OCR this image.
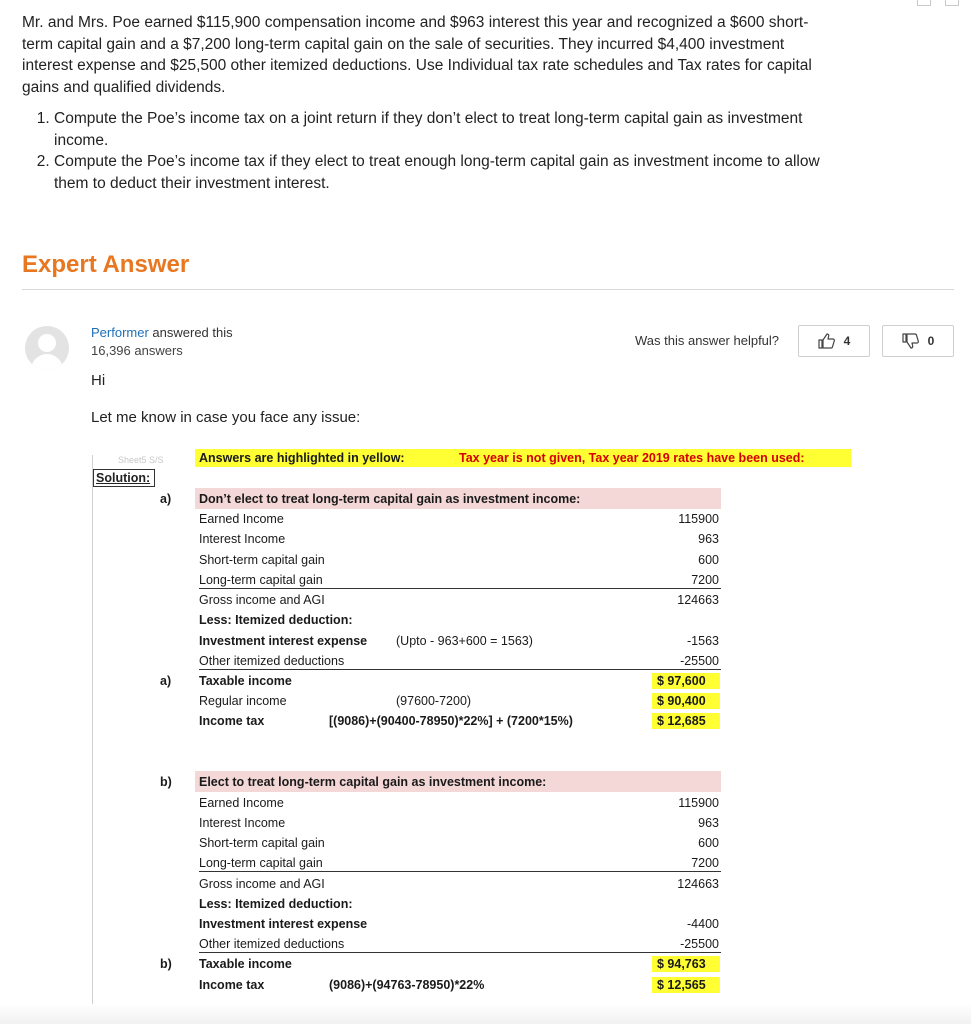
Mr. and Mrs. Poe earned $115,900 compensation income and $963 interest this year and recognized a $600 short-term capital gain and a $7,200 long-term capital gain on the sale of securities. They incurred $4,400 investment interest expense and $25,500 other itemized deductions. Use Individual tax rate schedules and Tax rates for capital gains and qualified dividends.

1. Compute the Poe’s income tax on a joint return if they don’t elect to treat long-term capital gain as investment income.
2. Compute the Poe’s income tax if they elect to treat enough long-term capital gain as investment income to allow them to deduct their investment interest.
Expert Answer
Performer answered this
16,396 answers
Was this answer helpful?	4	0
Hi
Let me know in case you face any issue:
Sheet5 S/S	Answers are highlighted in yellow:	Tax year is not given, Tax year 2019 rates have been used:
Solution:
a) Don’t elect to treat long-term capital gain as investment income:
Earned Income	115900
Interest Income	963
Short-term capital gain	600
Long-term capital gain	7200
Gross income and AGI	124663
Less: Itemized deduction:
Investment interest expense (Upto - 963+600 = 1563)	-1563
Other itemized deductions	-25500
a) Taxable income	$ 97,600
Regular income	(97600-7200)	$ 90,400
Income tax	[(9086)+(90400-78950)*22%] + (7200*15%)	$ 12,685
b) Elect to treat long-term capital gain as investment income:
Earned Income	115900
Interest Income	963
Short-term capital gain	600
Long-term capital gain	7200
Gross income and AGI	124663
Less: Itemized deduction:
Investment interest expense	-4400
Other itemized deductions	-25500
b) Taxable income	$ 94,763
Income tax	(9086)+(94763-78950)*22%	$ 12,565
